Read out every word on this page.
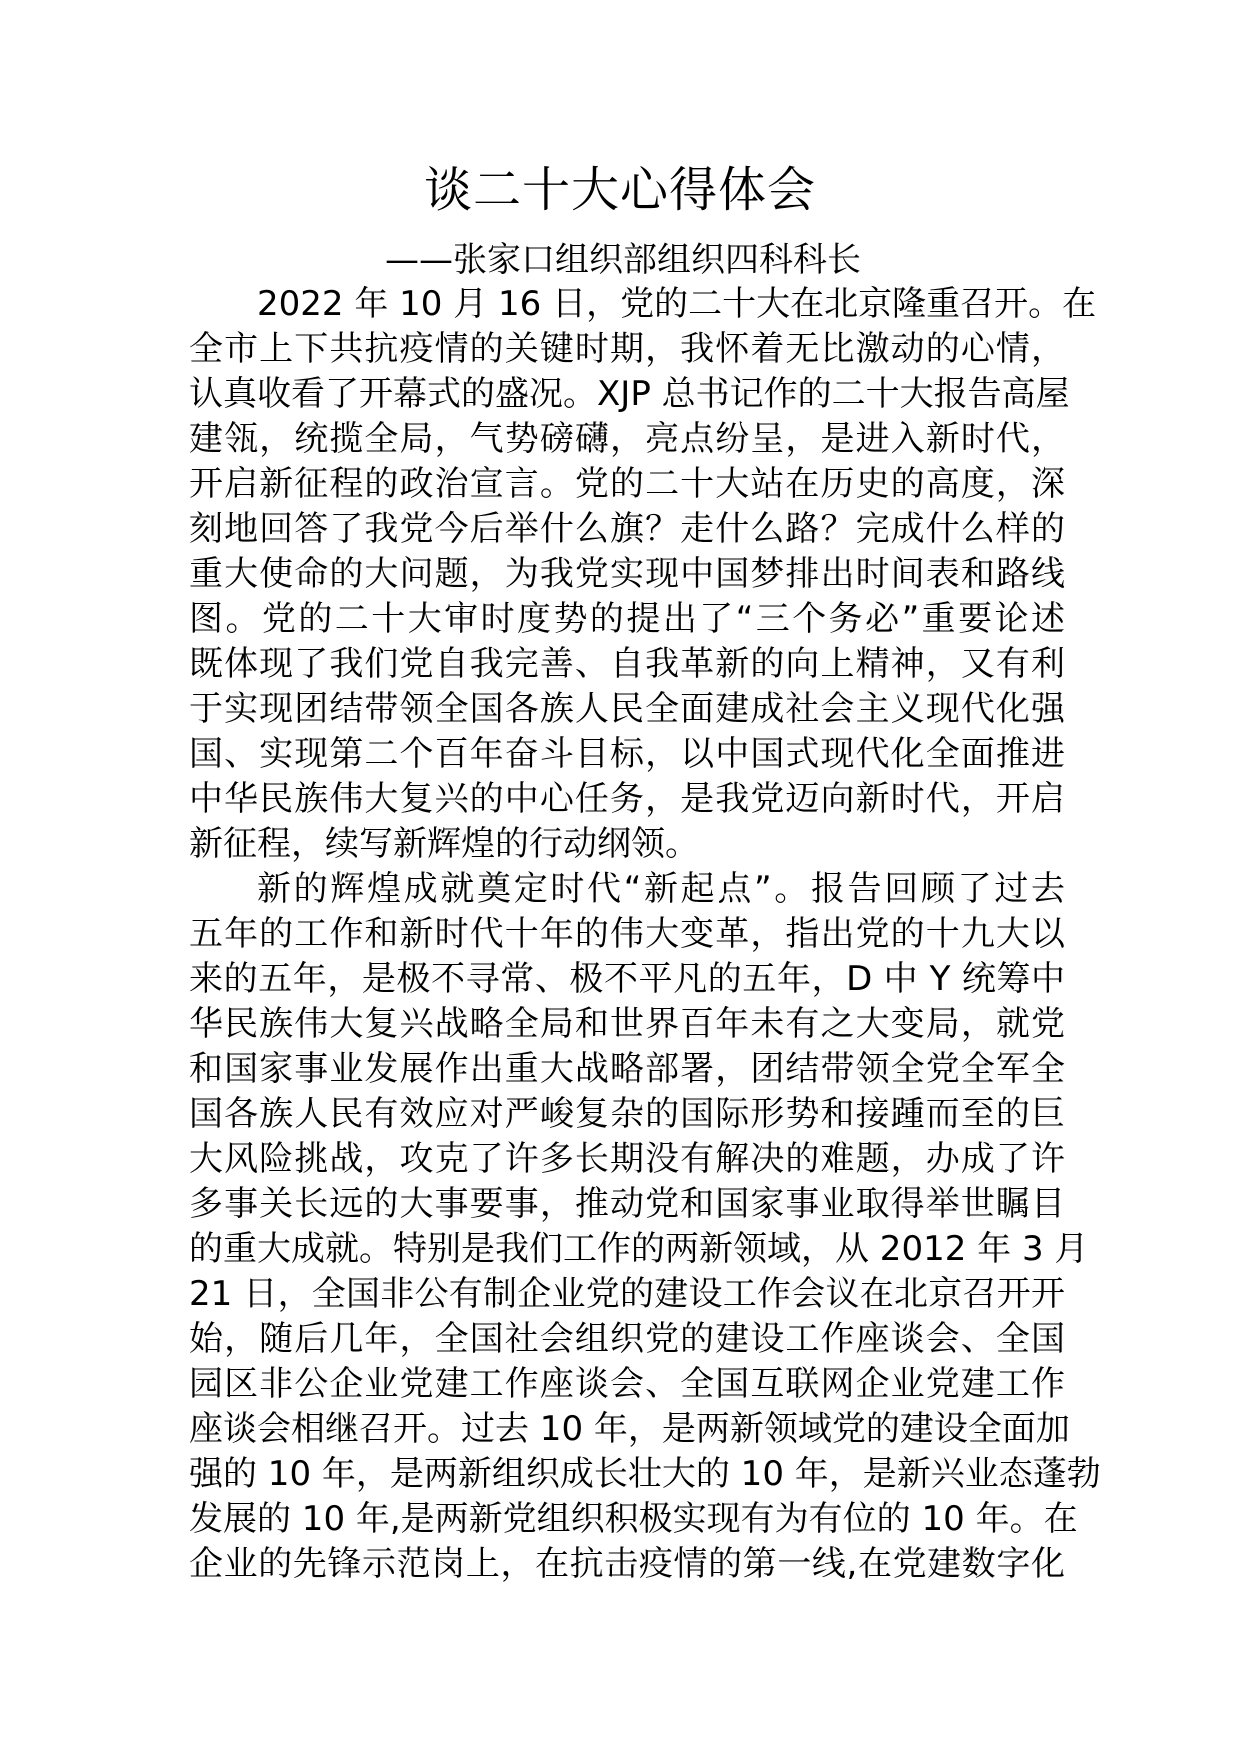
谈二十大心得体会

——张家口组织部组织四科科长

2022 年 10 月 16 日，党的二十大在北京隆重召开。在
全市上下共抗疫情的关键时期，我怀着无比激动的心情，
认真收看了开幕式的盛况。XJP 总书记作的二十大报告高屋
建瓴，统揽全局，气势磅礴，亮点纷呈，是进入新时代，
开启新征程的政治宣言。党的二十大站在历史的高度，深
刻地回答了我党今后举什么旗？走什么路？完成什么样的
重大使命的大问题，为我党实现中国梦排出时间表和路线
图。党的二十大审时度势的提出了“三个务必”重要论述
既体现了我们党自我完善、自我革新的向上精神，又有利
于实现团结带领全国各族人民全面建成社会主义现代化强
国、实现第二个百年奋斗目标，以中国式现代化全面推进
中华民族伟大复兴的中心任务，是我党迈向新时代，开启
新征程，续写新辉煌的行动纲领。

新的辉煌成就奠定时代“新起点”。报告回顾了过去
五年的工作和新时代十年的伟大变革，指出党的十九大以
来的五年，是极不寻常、极不平凡的五年，D 中 Y 统筹中
华民族伟大复兴战略全局和世界百年未有之大变局，就党
和国家事业发展作出重大战略部署，团结带领全党全军全
国各族人民有效应对严峻复杂的国际形势和接踵而至的巨
大风险挑战，攻克了许多长期没有解决的难题，办成了许
多事关长远的大事要事，推动党和国家事业取得举世瞩目
的重大成就。特别是我们工作的两新领域，从 2012 年 3 月
21 日，全国非公有制企业党的建设工作会议在北京召开开
始，随后几年，全国社会组织党的建设工作座谈会、全国
园区非公企业党建工作座谈会、全国互联网企业党建工作
座谈会相继召开。过去 10 年，是两新领域党的建设全面加
强的 10 年，是两新组织成长壮大的 10 年，是新兴业态蓬勃
发展的 10 年,是两新党组织积极实现有为有位的 10 年。在
企业的先锋示范岗上，在抗击疫情的第一线,在党建数字化
